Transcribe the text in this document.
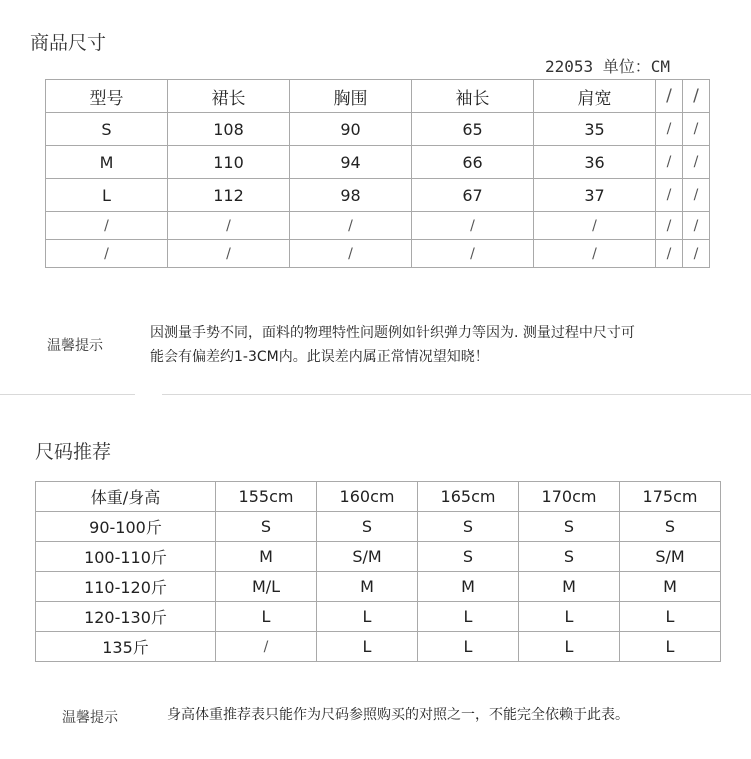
商品尺寸
22053 单位：CM
型号	裙长	胸围	袖长	肩宽	/	/
S	108	90	65	35	/	/
M	110	94	66	36	/	/
L	112	98	67	37	/	/
/	/	/	/	/	/	/
/	/	/	/	/	/	/
温馨提示
因测量手势不同，面料的物理特性问题例如针织弹力等因为. 测量过程中尺寸可
能会有偏差约1-3CM内。此误差内属正常情况望知晓！
尺码推荐
体重/身高	155cm	160cm	165cm	170cm	175cm
90-100斤	S	S	S	S	S
100-110斤	M	S/M	S	S	S/M
110-120斤	M/L	M	M	M	M
120-130斤	L	L	L	L	L
135斤	/	L	L	L	L
温馨提示	身高体重推荐表只能作为尺码参照购买的对照之一，不能完全依赖于此表。
